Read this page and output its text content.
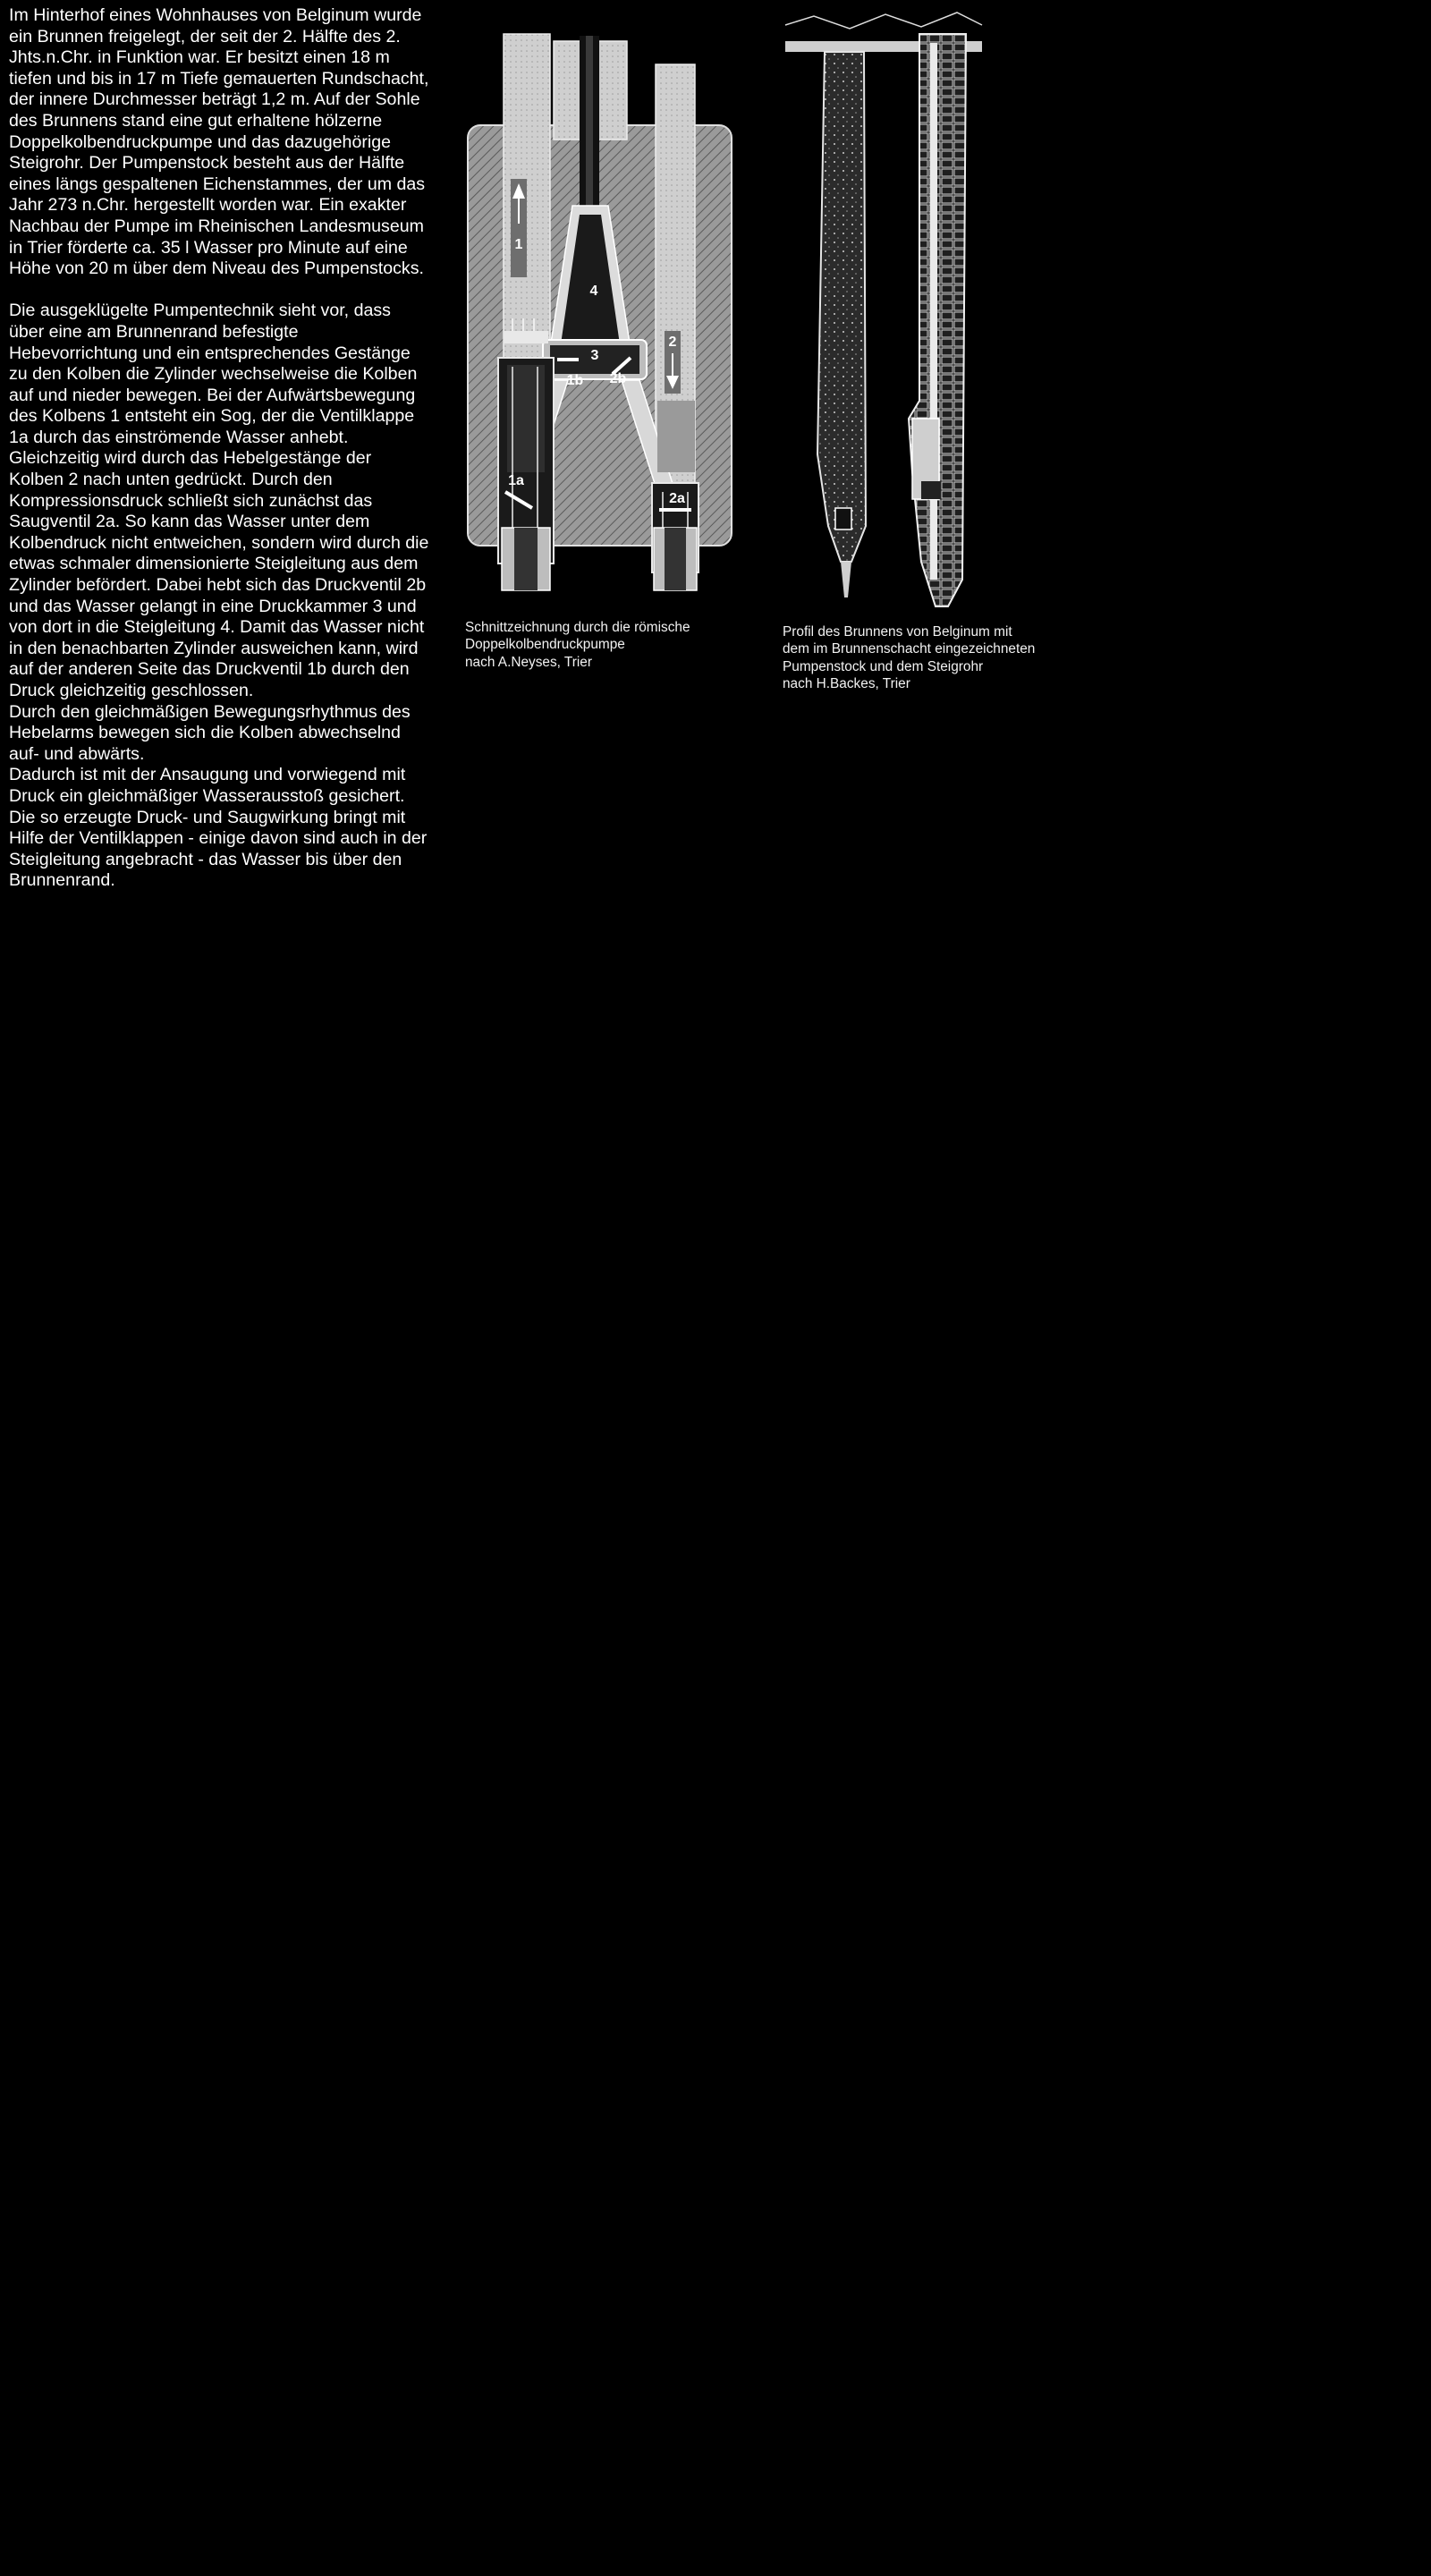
Im Hinterhof eines Wohnhauses von Belginum wurde ein Brunnen freigelegt, der seit der 2. Hälfte des 2. Jhts.n.Chr. in Funktion war. Er besitzt einen 18 m tiefen und bis in 17 m Tiefe gemauerten Rundschacht, der innere Durchmesser beträgt 1,2 m. Auf der Sohle des Brunnens stand eine gut erhaltene hölzerne Doppelkolbendruckpumpe und das dazugehörige Steigrohr. Der Pumpenstock besteht aus der Hälfte eines längs gespaltenen Eichenstammes, der um das Jahr 273 n.Chr. hergestellt worden war. Ein exakter Nachbau der Pumpe im Rheinischen Landesmuseum in Trier förderte ca. 35 l Wasser pro Minute auf eine Höhe von 20 m über dem Niveau des Pumpenstocks.

Die ausgeklügelte Pumpentechnik sieht vor, dass über eine am Brunnenrand befestigte Hebevorrichtung und ein entsprechendes Gestänge zu den Kolben die Zylinder wechselweise die Kolben auf und nieder bewegen. Bei der Aufwärtsbewegung des Kolbens 1 entsteht ein Sog, der die Ventilklappe 1a durch das einströmende Wasser anhebt. Gleichzeitig wird durch das Hebelgestänge der Kolben 2 nach unten gedrückt. Durch den Kompressionsdruck schließt sich zunächst das Saugventil 2a. So kann das Wasser unter dem Kolbendruck nicht entweichen, sondern wird durch die etwas schmaler dimensionierte Steigleitung aus dem Zylinder befördert. Dabei hebt sich das Druckventil 2b und das Wasser gelangt in eine Druckkammer 3 und von dort in die Steigleitung 4. Damit das Wasser nicht in den benachbarten Zylinder ausweichen kann, wird auf der anderen Seite das Druckventil 1b durch den Druck gleichzeitig geschlossen.

Durch den gleichmäßigen Bewegungsrhythmus des Hebelarms bewegen sich die Kolben abwechselnd auf- und abwärts.

Dadurch ist mit der Ansaugung und vorwiegend mit Druck ein gleichmäßiger Wasserausstoß gesichert. Die so erzeugte Druck- und Saugwirkung bringt mit Hilfe der Ventilklappen - einige davon sind auch in der Steigleitung angebracht - das Wasser bis über den Brunnenrand.

1
2
3
4
1b 2b
1a
2a
Schnittzeichnung durch die römische
Doppelkolbendruckpumpe
nach A.Neyses, Trier
Profil des Brunnens von Belginum mit
dem im Brunnenschacht eingezeichneten
Pumpenstock und dem Steigrohr
nach H.Backes, Trier
